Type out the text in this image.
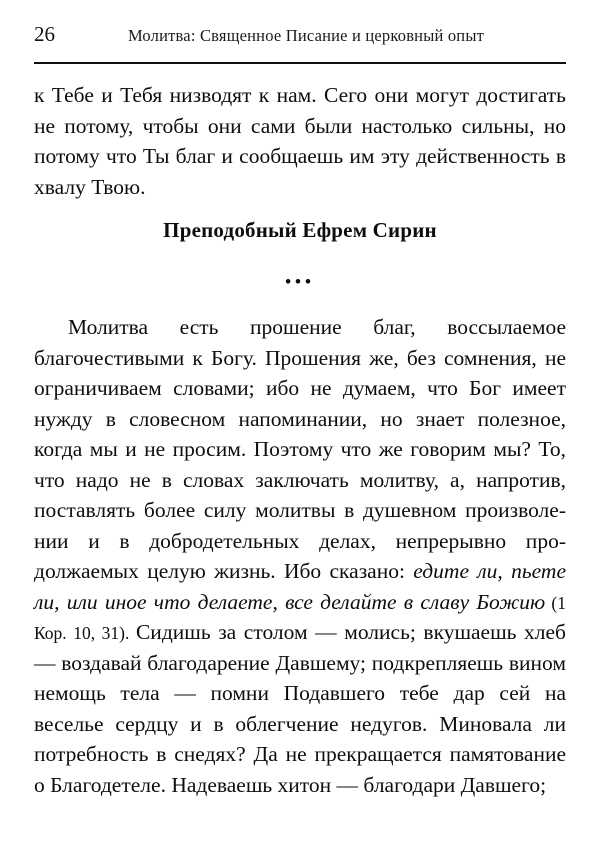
26	Молитва: Священное Писание и церковный опыт

к Тебе и Тебя низводят к нам. Сего они могут достигать не потому, чтобы они сами были настолько сильны, но потому что Ты благ и сообщаешь им эту действенность в хвалу Твою.

Преподобный Ефрем Сирин

•••

Молитва есть прошение благ, воссылаемое благочестивыми к Богу. Прошения же, без сомнения, не ограничиваем словами; ибо не думаем, что Бог имеет нужду в словесном напоминании, но знает полезное, когда мы и не просим. Поэтому что же говорим мы? То, что надо не в словах заключать молитву, а, напротив, поставлять более силу молитвы в душевном произволении и в добродетельных делах, непрерывно продолжаемых целую жизнь. Ибо сказано: едите ли, пьете ли, или иное что делаете, все делайте в славу Божию (1 Кор. 10, 31). Сидишь за столом — молись; вкушаешь хлеб — воздавай благодарение Давшему; подкрепляешь вином немощь тела — помни Подавшего тебе дар сей на веселье сердцу и в облегчение недугов. Миновала ли потребность в снедях? Да не прекращается памятование о Благодетеле. Надеваешь хитон — благодари Давшего;
